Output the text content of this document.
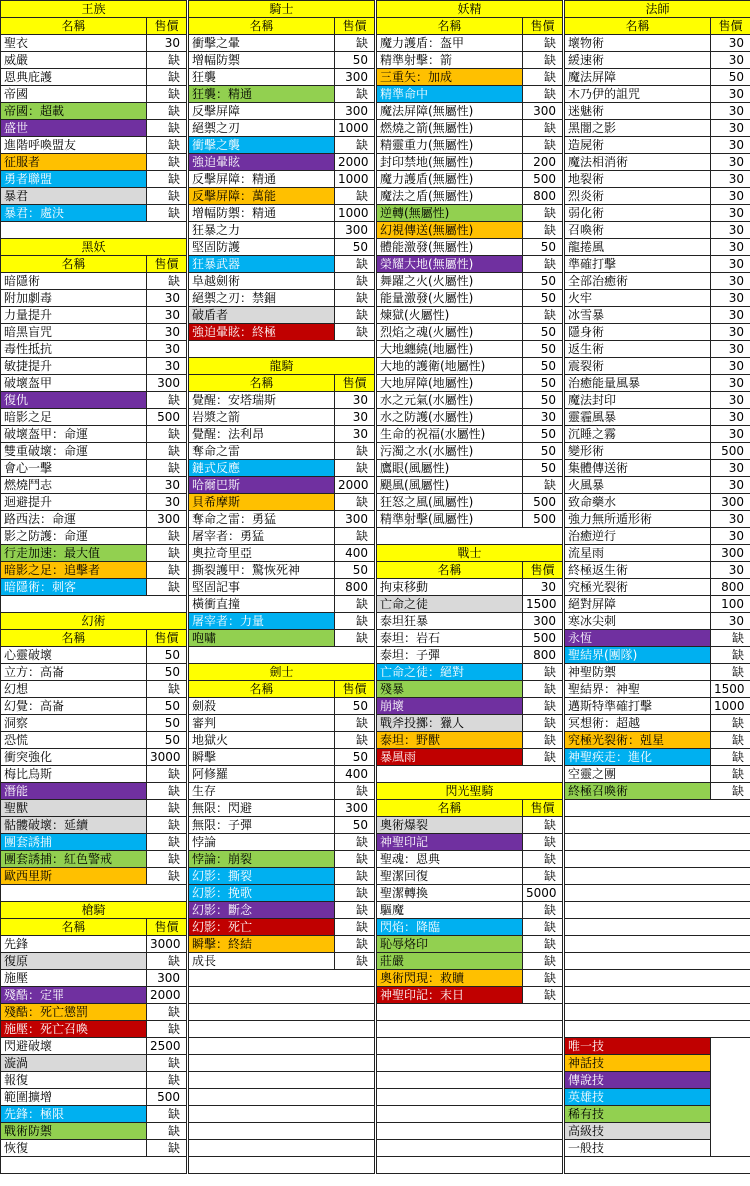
王族	
名稱	售價
聖衣	30
威嚴	缺
恩典庇護	缺
帝國	缺
帝國：超載	缺
盛世	缺
進階呼喚盟友	缺
征服者	缺
勇者聯盟	缺
暴君	缺
暴君：處決	缺

黑妖	
名稱	售價
暗隱術	缺
附加劇毒	30
力量提升	30
暗黑盲咒	30
毒性抵抗	30
敏捷提升	30
破壞盔甲	300
復仇	缺
暗影之足	500
破壞盔甲：命運	缺
雙重破壞：命運	缺
會心一擊	缺
燃燒鬥志	30
迴避提升	30
路西法：命運	300
影之防護：命運	缺
行走加速：最大值	缺
暗影之足：追擊者	缺
暗隱術：刺客	缺

幻術	
名稱	售價
心靈破壞	50
立方：高崙	50
幻想	缺
幻覺：高崙	50
洞察	50
恐慌	50
衝突強化	3000
梅比烏斯	缺
潛能	缺
聖獸	缺
骷髏破壞：延續	缺
團套誘捕	缺
團套誘捕：紅色警戒	缺
歐西里斯	缺

槍騎	
名稱	售價
先鋒	3000
復原	缺
施壓	300
殘酷：定罪	2000
殘酷：死亡懲罰	缺
施壓：死亡召喚	缺
閃避破壞	2500
漩渦	缺
報復	缺
範圍擴增	500
先鋒：極限	缺
戰術防禦	缺
恢復	缺

騎士	
名稱	售價
衝擊之暈	缺
增幅防禦	50
狂襲	300
狂襲：精通	缺
反擊屏障	300
絕禦之刃	1000
衝擊之襲	缺
強迫暈眩	2000
反擊屏障：精通	1000
反擊屏障：萬能	缺
增幅防禦：精通	1000
狂暴之力	300
堅固防護	50
狂暴武器	缺
阜越劍術	缺
絕禦之刃：禁錮	缺
破盾者	缺
強迫暈眩：終極	缺

龍騎	
名稱	售價
覺醒：安塔瑞斯	30
岩漿之箭	30
覺醒：法利昂	30
奪命之雷	缺
鏈式反應	缺
哈爾巴斯	2000
貝希摩斯	缺
奪命之雷：勇猛	300
屠宰者：勇猛	缺
奧拉奇里亞	400
撕裂護甲：驚恢死神	50
堅固記事	800
橫衝直撞	缺
屠宰者：力量	缺
咆嘯	缺

劍士	
名稱	售價
劍殺	50
審判	缺
地獄火	缺
瞬擊	50
阿修羅	400
生存	缺
無限：閃避	300
無限：子彈	50
悖論	缺
悖論：崩裂	缺
幻影：撕裂	缺
幻影：挽歌	缺
幻影：斷念	缺
幻影：死亡	缺
瞬擊：終結	缺
成長	缺

妖精	
名稱	售價
魔力護盾：盔甲	缺
精準射擊：箭	缺
三重矢：加成	缺
精準命中	缺
魔法屏障(無屬性)	300
燃燒之箭(無屬性)	缺
精靈重力(無屬性)	缺
封印禁地(無屬性)	200
魔力護盾(無屬性)	500
魔法之盾(無屬性)	800
逆轉(無屬性)	缺
幻視傳送(無屬性)	缺
體能激發(無屬性)	50
榮耀大地(無屬性)	缺
舞躍之火(火屬性)	50
能量激發(火屬性)	50
煉獄(火屬性)	缺
烈焰之魂(火屬性)	50
大地纏繞(地屬性)	50
大地的護衛(地屬性)	50
大地屏障(地屬性)	50
水之元氣(水屬性)	50
水之防護(水屬性)	30
生命的祝福(水屬性)	50
污濁之水(水屬性)	50
鷹眼(風屬性)	50
颶風(風屬性)	缺
狂怒之風(風屬性)	500
精準射擊(風屬性)	500

戰士	
名稱	售價
拘束移動	30
亡命之徒	1500
泰坦狂暴	300
泰坦：岩石	500
泰坦：子彈	800
亡命之徒：絕對	缺
殘暴	缺
崩壞	缺
戰斧投擲：獵人	缺
泰坦：野獸	缺
暴風雨	缺

閃光聖騎	
名稱	售價
奧術爆裂	缺
神聖印記	缺
聖魂：恩典	缺
聖潔回復	缺
聖潔轉換	5000
驅魔	缺
閃焰：降臨	缺
恥辱烙印	缺
莊嚴	缺
奧術閃現：救贖	缺
神聖印記：末日	缺

法師	
名稱	售價
壞物術	30
緩速術	30
魔法屏障	50
木乃伊的詛咒	30
迷魅術	30
黑闇之影	30
造屍術	30
魔法相消術	30
地裂術	30
烈炎術	30
弱化術	30
召喚術	30
龍捲風	30
準確打擊	30
全部治癒術	30
火牢	30
冰雪暴	30
隱身術	30
返生術	30
震裂術	30
治癒能量風暴	30
魔法封印	30
靈霾風暴	30
沉睡之霧	30
變形術	500
集體傳送術	30
火風暴	30
致命藥水	300
強力無所遁形術	30
治癒逆行	30
流星雨	300
終極返生術	30
究極光裂術	800
絕對屏障	100
寒冰尖刺	30
永恆	缺
聖結界(團隊)	缺
神聖防禦	缺
聖結界：神聖	1500
邁斯特準確打擊	1000
冥想術：超越	缺
究極光裂術：剋星	缺
神聖疾走：進化	缺
空靈之團	缺
終極召喚術	缺

唯一技	
神話技	
傳說技	
英雄技	
稀有技	
高級技	
一般技	
